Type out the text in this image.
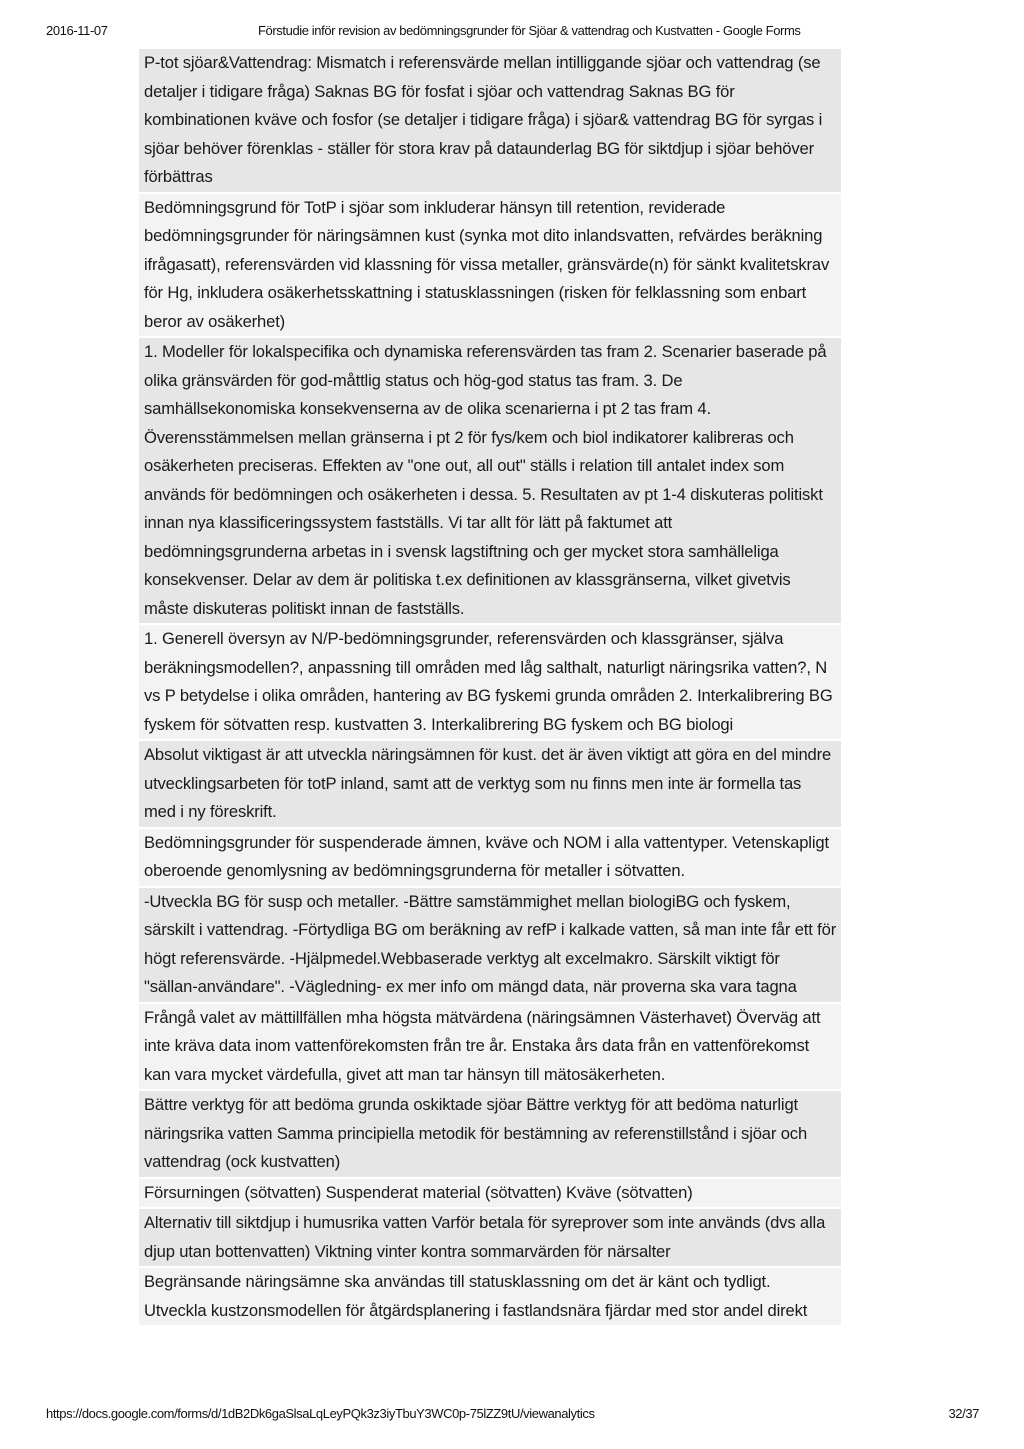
2016-11-07	Förstudie inför revision av bedömningsgrunder för Sjöar & vattendrag och Kustvatten - Google Forms
P-tot sjöar&Vattendrag: Mismatch i referensvärde mellan intilliggande sjöar och vattendrag (se detaljer i tidigare fråga) Saknas BG för fosfat i sjöar och vattendrag Saknas BG för kombinationen kväve och fosfor (se detaljer i tidigare fråga) i sjöar& vattendrag BG för syrgas i sjöar behöver förenklas - ställer för stora krav på dataunderlag BG för siktdjup i sjöar behöver förbättras
Bedömningsgrund för TotP i sjöar som inkluderar hänsyn till retention, reviderade bedömningsgrunder för näringsämnen kust (synka mot dito inlandsvatten, refvärdes beräkning ifrågasatt), referensvärden vid klassning för vissa metaller, gränsvärde(n) för sänkt kvalitetskrav för Hg, inkludera osäkerhetsskattning i statusklassningen (risken för felklassning som enbart beror av osäkerhet)
1. Modeller för lokalspecifika och dynamiska referensvärden tas fram 2. Scenarier baserade på olika gränsvärden för god-måttlig status och hög-god status tas fram. 3. De samhällsekonomiska konsekvenserna av de olika scenarierna i pt 2 tas fram 4. Överensstämmelsen mellan gränserna i pt 2 för fys/kem och biol indikatorer kalibreras och osäkerheten preciseras. Effekten av "one out, all out" ställs i relation till antalet index som används för bedömningen och osäkerheten i dessa. 5. Resultaten av pt 1-4 diskuteras politiskt innan nya klassificeringssystem fastställs. Vi tar allt för lätt på faktumet att bedömningsgrunderna arbetas in i svensk lagstiftning och ger mycket stora samhälleliga konsekvenser. Delar av dem är politiska t.ex definitionen av klassgränserna, vilket givetvis måste diskuteras politiskt innan de fastställs.
1. Generell översyn av N/P-bedömningsgrunder, referensvärden och klassgränser, själva beräkningsmodellen?, anpassning till områden med låg salthalt, naturligt näringsrika vatten?, N vs P betydelse i olika områden, hantering av BG fyskemi grunda områden 2. Interkalibrering BG fyskem för sötvatten resp. kustvatten 3. Interkalibrering BG fyskem och BG biologi
Absolut viktigast är att utveckla näringsämnen för kust. det är även viktigt att göra en del mindre utvecklingsarbeten för totP inland, samt att de verktyg som nu finns men inte är formella tas med i ny föreskrift.
Bedömningsgrunder för suspenderade ämnen, kväve och NOM i alla vattentyper. Vetenskapligt oberoende genomlysning av bedömningsgrunderna för metaller i sötvatten.
-Utveckla BG för susp och metaller. -Bättre samstämmighet mellan biologiBG och fyskem, särskilt i vattendrag. -Förtydliga BG om beräkning av refP i kalkade vatten, så man inte får ett för högt referensvärde. -Hjälpmedel.Webbaserade verktyg alt excelmakro. Särskilt viktigt för "sällan-användare". -Vägledning- ex mer info om mängd data, när proverna ska vara tagna
Frångå valet av mättillfällen mha högsta mätvärdena (näringsämnen Västerhavet) Överväg att inte kräva data inom vattenförekomsten från tre år. Enstaka års data från en vattenförekomst kan vara mycket värdefulla, givet att man tar hänsyn till mätosäkerheten.
Bättre verktyg för att bedöma grunda oskiktade sjöar Bättre verktyg för att bedöma naturligt näringsrika vatten Samma principiella metodik för bestämning av referenstillstånd i sjöar och vattendrag (ock kustvatten)
Försurningen (sötvatten) Suspenderat material (sötvatten) Kväve (sötvatten)
Alternativ till siktdjup i humusrika vatten Varför betala för syreprover som inte används (dvs alla djup utan bottenvatten) Viktning vinter kontra sommarvärden för närsalter
Begränsande näringsämne ska användas till statusklassning om det är känt och tydligt. Utveckla kustzonsmodellen för åtgärdsplanering i fastlandsnära fjärdar med stor andel direkt
https://docs.google.com/forms/d/1dB2Dk6gaSlsaLqLeyPQk3z3iyTbuY3WC0p-75lZZ9tU/viewanalytics	32/37
